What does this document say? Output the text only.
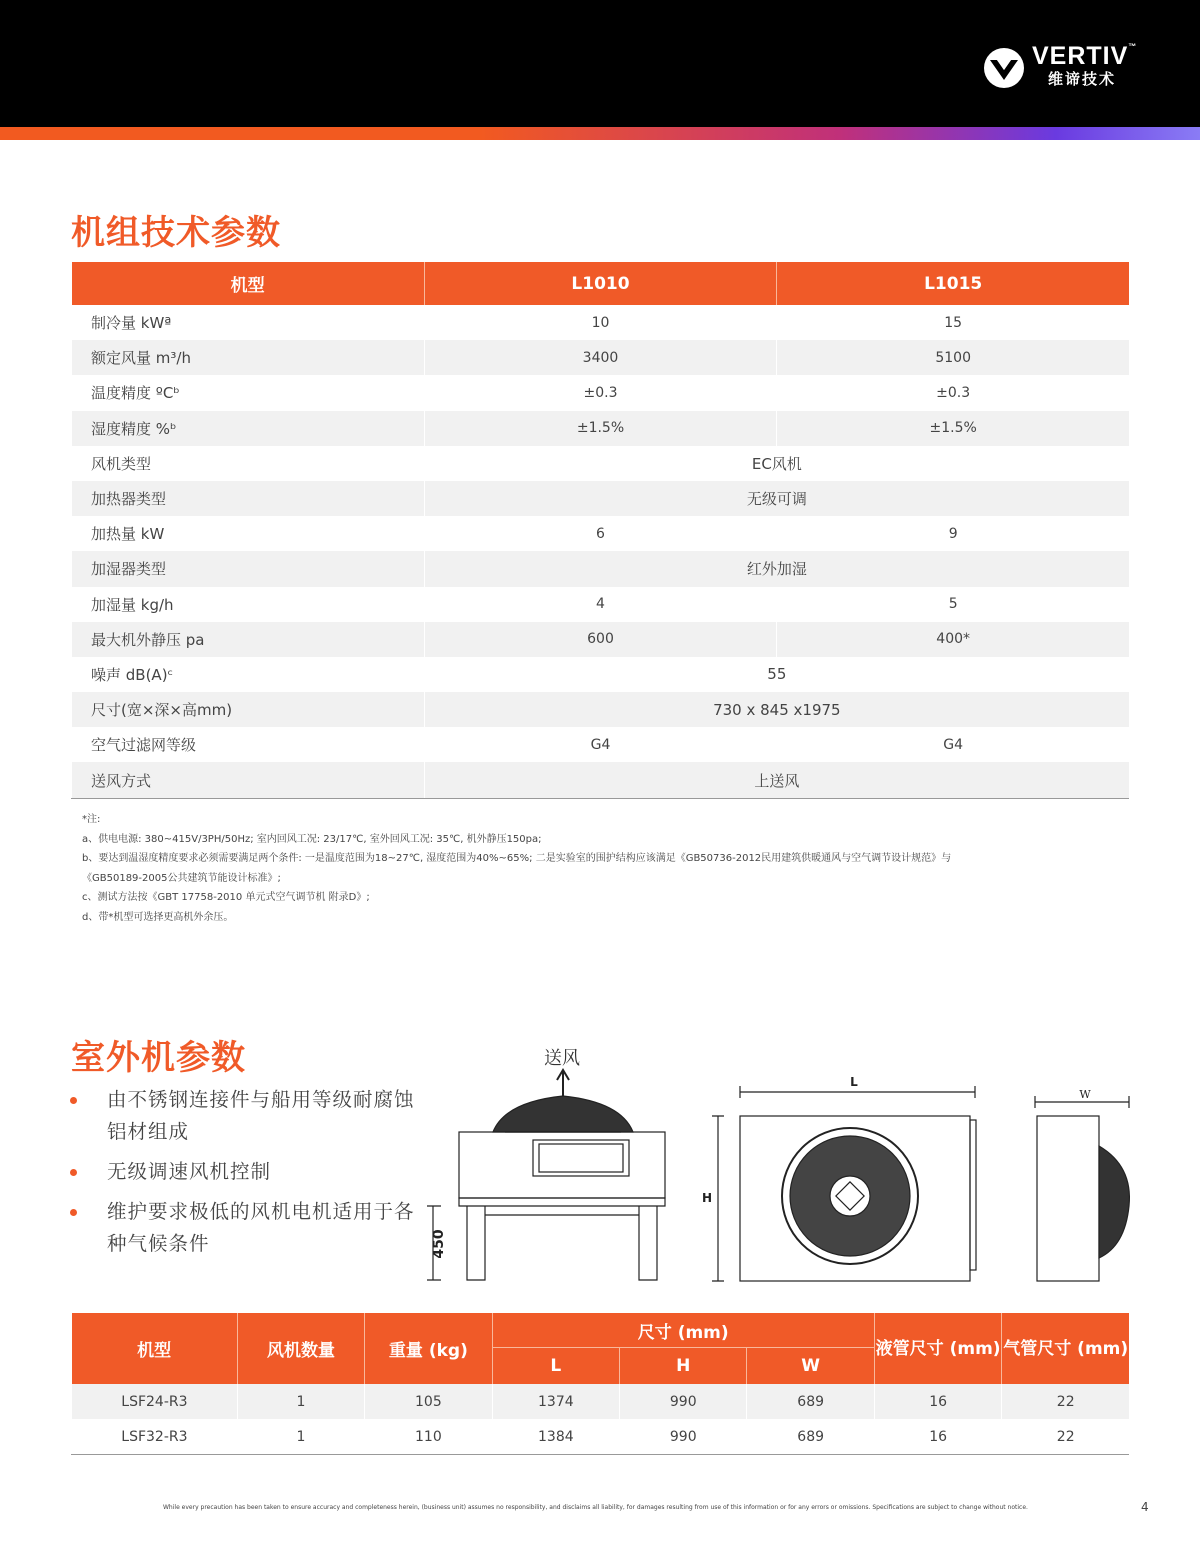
VERTIV™
维谛技术
机组技术参数
机型	L1010	L1015
制冷量 kWª	10	15
额定风量 m³/h	3400	5100
温度精度 ºCᵇ	±0.3	±0.3
湿度精度 %ᵇ	±1.5%	±1.5%
风机类型	EC风机	
加热器类型	无级可调	
加热量 kW	6	9
加湿器类型	红外加湿	
加湿量 kg/h	4	5
最大机外静压 pa	600	400*
噪声 dB(A)ᶜ	55	
尺寸(宽×深×高mm)	730 x 845 x1975	
空气过滤网等级	G4	G4
送风方式	上送风	
*注:
a、供电电源: 380~415V/3PH/50Hz; 室内回风工况: 23/17℃, 室外回风工况: 35℃, 机外静压150pa;
b、要达到温湿度精度要求必须需要满足两个条件: 一是温度范围为18~27℃, 湿度范围为40%~65%; 二是实验室的围护结构应该满足《GB50736-2012民用建筑供暖通风与空气调节设计规范》与
《GB50189-2005公共建筑节能设计标准》;
c、测试方法按《GBT 17758-2010 单元式空气调节机 附录D》;
d、带*机型可选择更高机外余压。
室外机参数
由不锈钢连接件与船用等级耐腐蚀铝材组成
无级调速风机控制
维护要求极低的风机电机适用于各种气候条件
送风
450
L
H
W
机型	风机数量	重量 (kg)	尺寸 (mm)			液管尺寸 (mm)	气管尺寸 (mm)
			L	H	W		
LSF24-R3	1	105	1374	990	689	16	22
LSF32-R3	1	110	1384	990	689	16	22
While every precaution has been taken to ensure accuracy and completeness herein, (business unit) assumes no responsibility, and disclaims all liability, for damages resulting from use of this information or for any errors or omissions. Specifications are subject to change without notice.	4
